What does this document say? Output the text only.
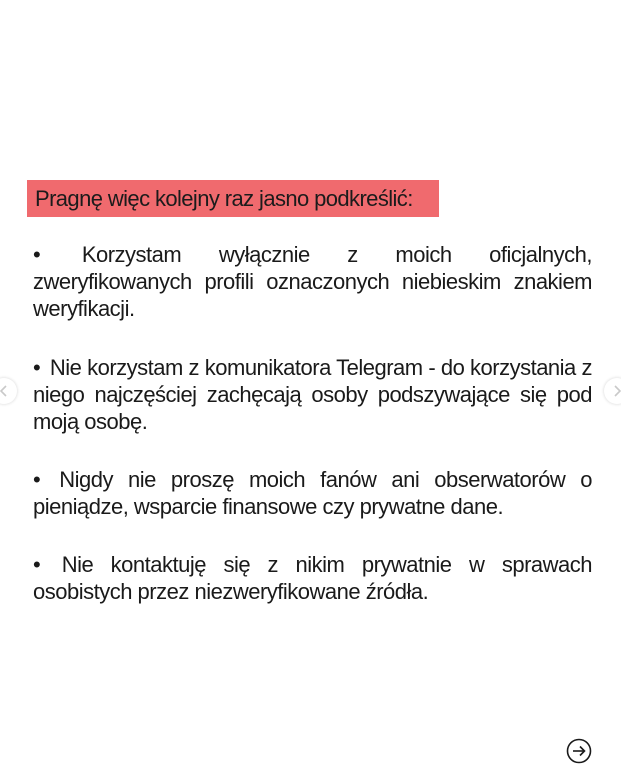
Pragnę więc kolejny raz jasno podkreślić:
• Korzystam wyłącznie z moich oficjalnych, zweryfikowanych profili oznaczonych niebieskim znakiem weryfikacji.
• Nie korzystam z komunikatora Telegram - do korzystania z niego najczęściej zachęcają osoby podszywające się pod moją osobę.
• Nigdy nie proszę moich fanów ani obserwatorów o pieniądze, wsparcie finansowe czy prywatne dane.
• Nie kontaktuję się z nikim prywatnie w sprawach osobistych przez niezweryfikowane źródła.
